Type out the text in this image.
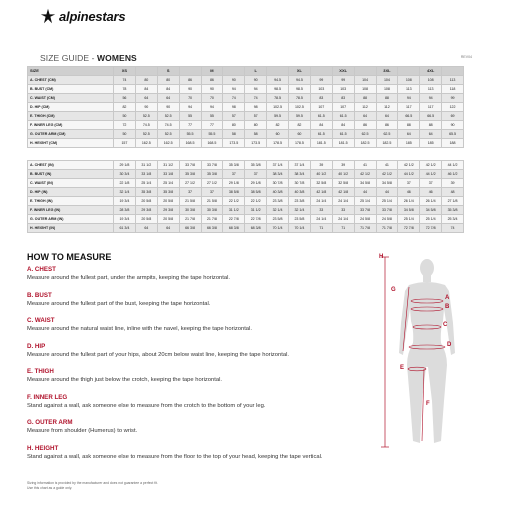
alpinestars
SIZE GUIDE - WOMENS	REV04
SIZE	XS		S		M		L		XL		XXL		3XL		4XL	
A. CHEST (CM)	74	80	80	86	86	90	90	94.5	94.5	99	99	104	104	108	108	113
B. BUST (CM)	78	84	84	90	90	94	94	98.5	98.5	103	103	108	108	113	113	118
C. WAIST (CM)	56	64	64	70	70	74	74	78.5	78.5	83	83	88	88	94	94	99
D. HIP (CM)	82	90	90	94	94	98	98	102.5	102.5	107	107	112	112	117	117	122
E. THIGH (CM)	50	52.5	52.5	55	55	57	57	59.5	59.5	61.5	61.5	64	64	66.5	66.5	69
F. INNER LEG (CM)	72	74.5	74.5	77	77	80	80	82	82	84	84	86	86	88	88	90
G. OUTER ARM (CM)	50	52.5	52.5	55.5	55.5	58	58	60	60	61.5	61.5	62.5	62.5	64	64	65.5
H. HEIGHT (CM)	157	162.5	162.5	168.5	168.5	173.5	173.5	178.5	178.5	181.5	181.5	182.5	182.5	185	185	188
A. CHEST (IN)	29 1/8	31 1/2	31 1/2	33 7/8	33 7/8	35 3/8	35 3/8	37 1/4	37 1/4	39	39	41	41	42 1/2	42 1/2	44 1/2
B. BUST (IN)	30 3/4	33 1/8	33 1/8	35 3/8	35 3/8	37	37	38 3/4	38 3/4	40 1/2	40 1/2	42 1/2	42 1/2	44 1/2	44 1/2	46 1/2
C. WAIST (IN)	22 1/8	25 1/4	25 1/4	27 1/2	27 1/2	29 1/8	29 1/8	30 7/8	30 7/8	32 5/8	32 5/8	34 5/8	34 5/8	37	37	39
D. HIP (IN)	32 1/4	35 3/8	35 3/8	37	37	38 5/8	38 5/8	40 3/8	40 3/8	42 1/8	42 1/8	44	44	46	46	48
E. THIGH (IN)	19 3/4	20 5/8	20 5/8	21 5/8	21 5/8	22 1/2	22 1/2	23 3/8	23 3/8	24 1/4	24 1/4	25 1/4	25 1/4	26 1/4	26 1/4	27 1/8
F. INNER LEG (IN)	28 3/8	29 3/8	29 3/8	30 3/8	30 3/8	31 1/2	31 1/2	32 1/4	32 1/4	33	33	33 7/8	33 7/8	34 5/8	34 5/8	35 3/8
G. OUTER ARM (IN)	19 3/4	20 5/8	20 5/8	21 7/8	21 7/8	22 7/8	22 7/8	23 5/8	23 5/8	24 1/4	24 1/4	24 5/8	24 5/8	25 1/4	25 1/4	25 3/4
H. HEIGHT (IN)	61 3/4	64	64	66 3/8	66 3/8	68 3/8	68 3/8	70 1/4	70 1/4	71	71	71 7/8	71 7/8	72 7/8	72 7/8	74
HOW TO MEASURE
A. CHEST
Measure around the fullest part, under the armpits, keeping the tape horizontal.
B. BUST
Measure around the fullest part of the bust, keeping the tape horizontal.
C. WAIST
Measure around the natural waist line, inline with the navel, keeping the tape horizontal.
D. HIP
Measure around the fullest part of your hips, about 20cm below waist line, keeping the tape horizontal.
E. THIGH
Measure around the thigh just below the crotch, keeping the tape horizontal.
F. INNER LEG
Stand against a wall, ask someone else to measure from the crotch to the bottom of your leg.
G. OUTER ARM
Measure from shoulder (Humerus) to wrist.
H. HEIGHT
Stand against a wall, ask someone else to measure from the floor to the top of your head, keeping the tape vertical.
Sizing information is provided by the manufacturer and does not guarantee a perfect fit.
Use this chart as a guide only.
H
G
A
B
C
D
E
F
